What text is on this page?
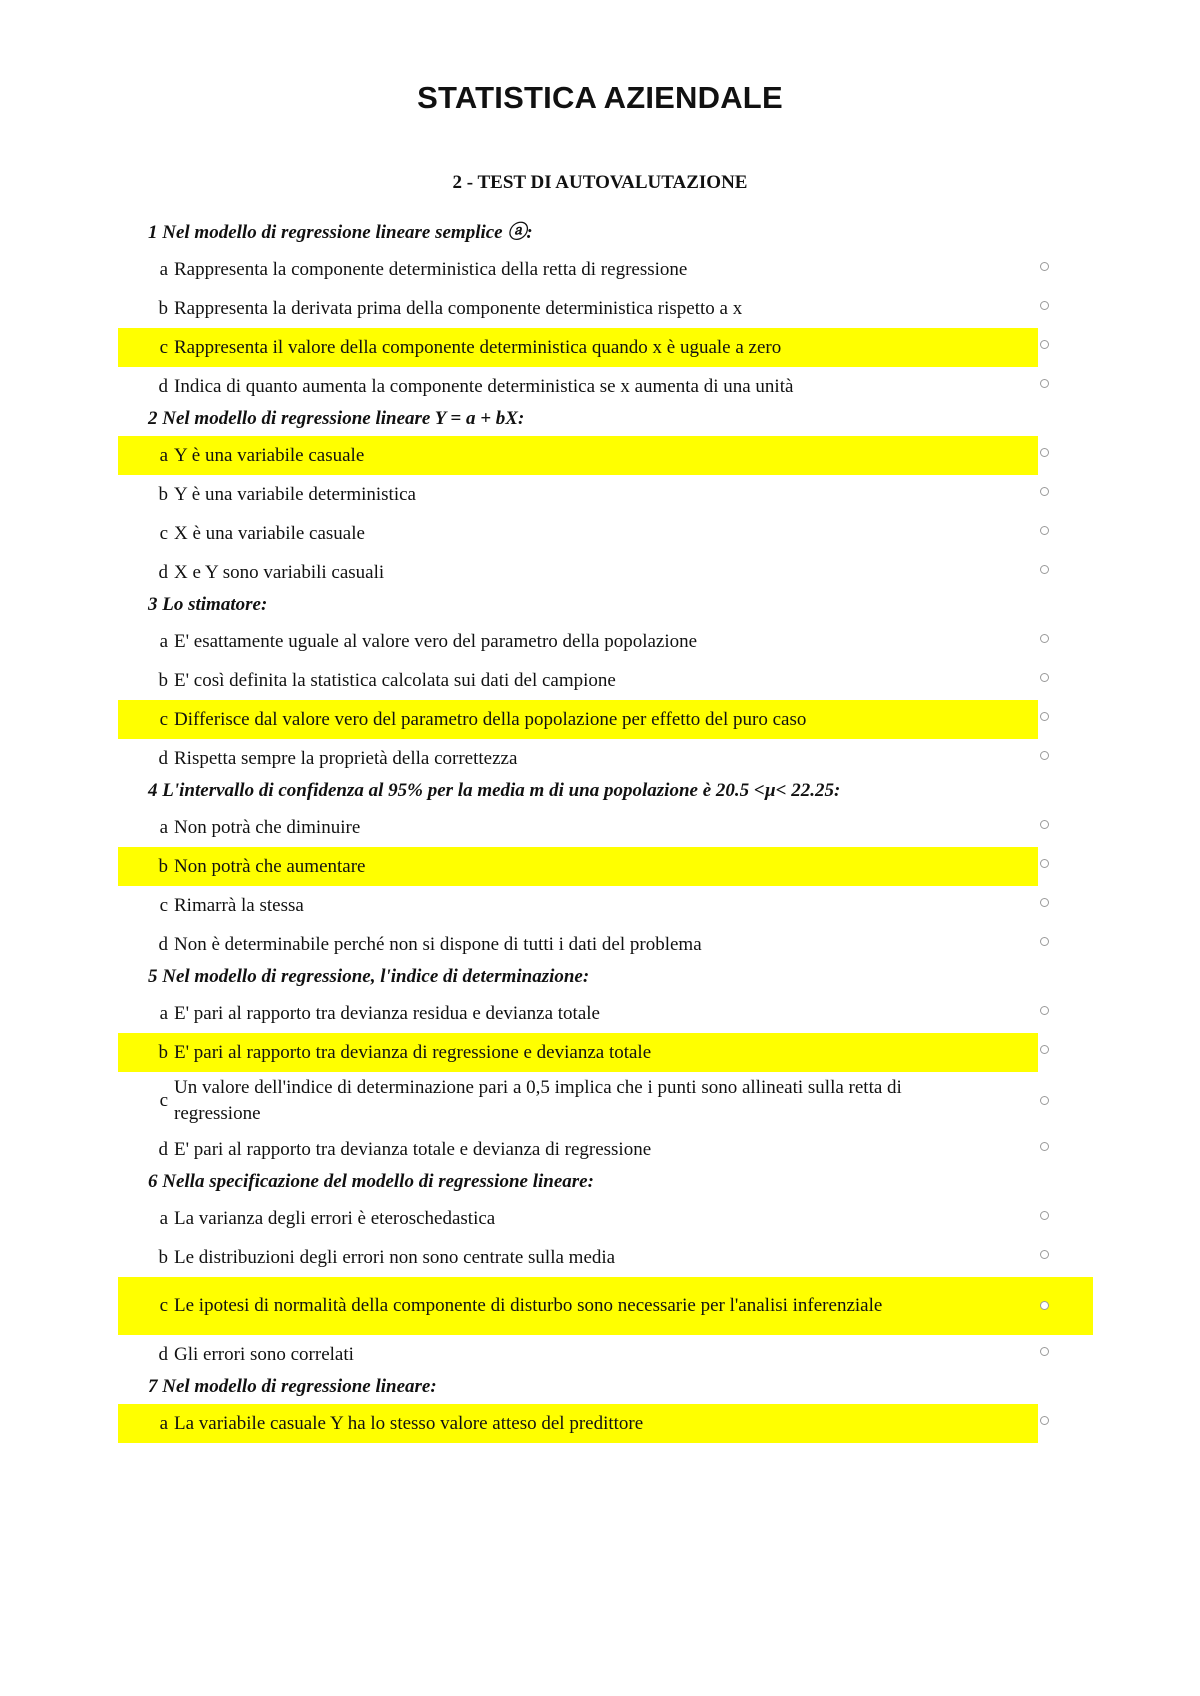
STATISTICA AZIENDALE
2 - TEST DI AUTOVALUTAZIONE
1 Nel modello di regressione lineare semplice ⓐ:
a Rappresenta la componente deterministica della retta di regressione
b Rappresenta la derivata prima della componente deterministica rispetto a x
c Rappresenta il valore della componente deterministica quando x è uguale a zero
d Indica di quanto aumenta la componente deterministica se x aumenta di una unità
2 Nel modello di regressione lineare Y = a + bX:
a Y è una variabile casuale
b Y è una variabile deterministica
c X è una variabile casuale
d X e Y sono variabili casuali
3 Lo stimatore:
a E' esattamente uguale al valore vero del parametro della popolazione
b E' così definita la statistica calcolata sui dati del campione
c Differisce dal valore vero del parametro della popolazione per effetto del puro caso
d Rispetta sempre la proprietà della correttezza
4 L'intervallo di confidenza al 95% per la media m di una popolazione è 20.5 <µ< 22.25:
a Non potrà che diminuire
b Non potrà che aumentare
c Rimarrà la stessa
d Non è determinabile perché non si dispone di tutti i dati del problema
5 Nel modello di regressione, l'indice di determinazione:
a E' pari al rapporto tra devianza residua e devianza totale
b E' pari al rapporto tra devianza di regressione e devianza totale
c
Un valore dell'indice di determinazione pari a 0,5 implica che i punti sono allineati sulla retta di regressione
d E' pari al rapporto tra devianza totale e devianza di regressione
6 Nella specificazione del modello di regressione lineare:
a La varianza degli errori è eteroschedastica
b Le distribuzioni degli errori non sono centrate sulla media
c Le ipotesi di normalità della componente di disturbo sono necessarie per l'analisi inferenziale
d Gli errori sono correlati
7 Nel modello di regressione lineare:
a La variabile casuale Y ha lo stesso valore atteso del predittore
